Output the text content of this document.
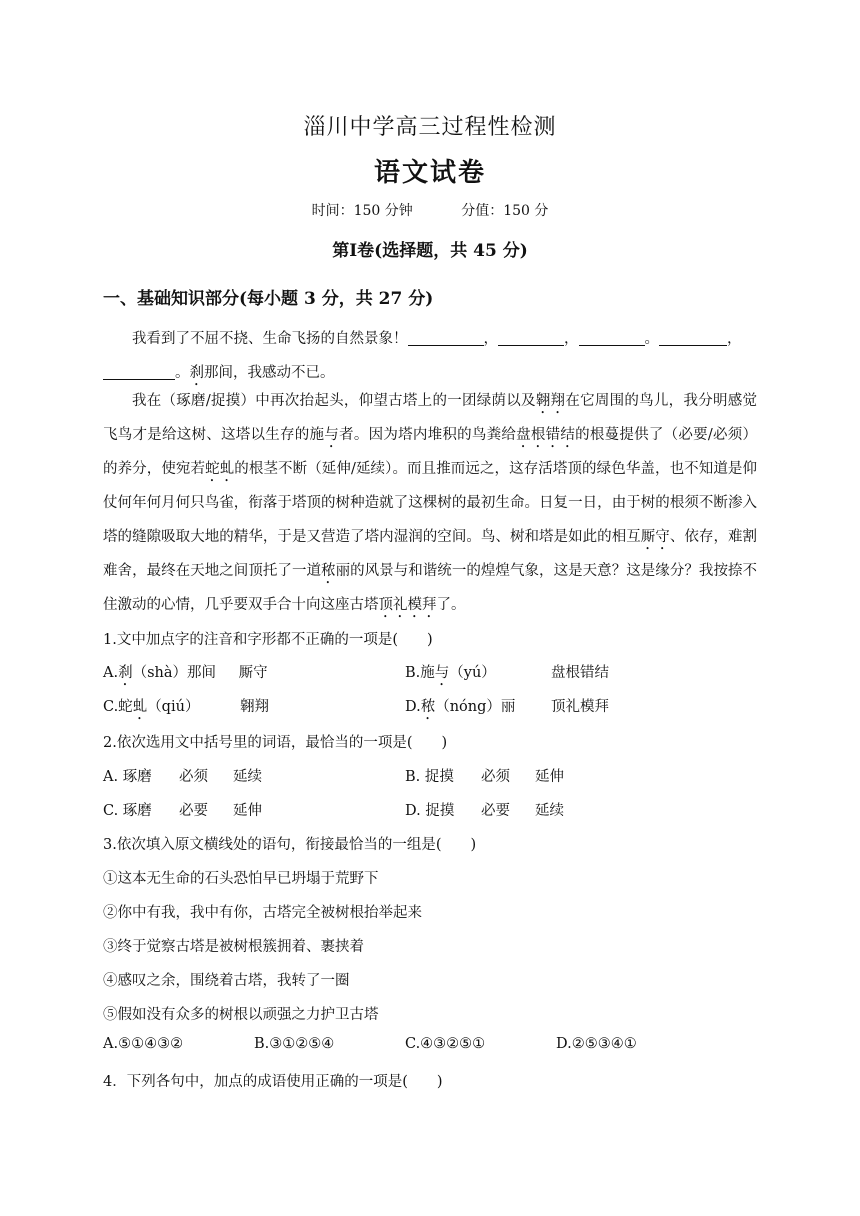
淄川中学高三过程性检测
语文试卷
时间：150 分钟	分值：150 分
第Ⅰ卷(选择题，共 45 分)
一、基础知识部分(每小题 3 分，共 27 分)
我看到了不屈不挠、生命飞扬的自然景象！	，	，	。	，
。刹那间，我感动不已。
我在（琢磨/捉摸）中再次抬起头，仰望古塔上的一团绿荫以及翱翔在它周围的鸟儿，我分明感觉飞鸟才是给这树、这塔以生存的施与者。因为塔内堆积的鸟粪给盘根错结的根蔓提供了（必要/必须）的养分，使宛若蛇虬的根茎不断（延伸/延续）。而且推而远之，这存活塔顶的绿色华盖，也不知道是仰仗何年何月何只鸟雀，衔落于塔顶的树种造就了这棵树的最初生命。日复一日，由于树的根须不断渗入塔的缝隙吸取大地的精华，于是又营造了塔内湿润的空间。鸟、树和塔是如此的相互厮守、依存，难割难舍，最终在天地之间顶托了一道秾丽的风景与和谐统一的煌煌气象，这是天意？这是缘分？我按捺不住激动的心情，几乎要双手合十向这座古塔顶礼模拜了。
1.文中加点字的注音和字形都不正确的一项是(　　)
A.刹（shà）那间 厮守	B.施与（yú）	盘根错结
C.蛇虬（qiú）	翱翔	D.秾（nóng）丽 顶礼模拜
2.依次选用文中括号里的词语，最恰当的一项是(　　)
A. 琢磨 必须 延续	B. 捉摸 必须 延伸
C. 琢磨 必要 延伸	D. 捉摸 必要 延续
3.依次填入原文横线处的语句，衔接最恰当的一组是(　　)
①这本无生命的石头恐怕早已坍塌于荒野下
②你中有我，我中有你，古塔完全被树根抬举起来
③终于觉察古塔是被树根簇拥着、裹挟着
④感叹之余，围绕着古塔，我转了一圈
⑤假如没有众多的树根以顽强之力护卫古塔
A.⑤①④③②	B.③①②⑤④	C.④③②⑤①	D.②⑤③④①
4．下列各句中，加点的成语使用正确的一项是(　　)
